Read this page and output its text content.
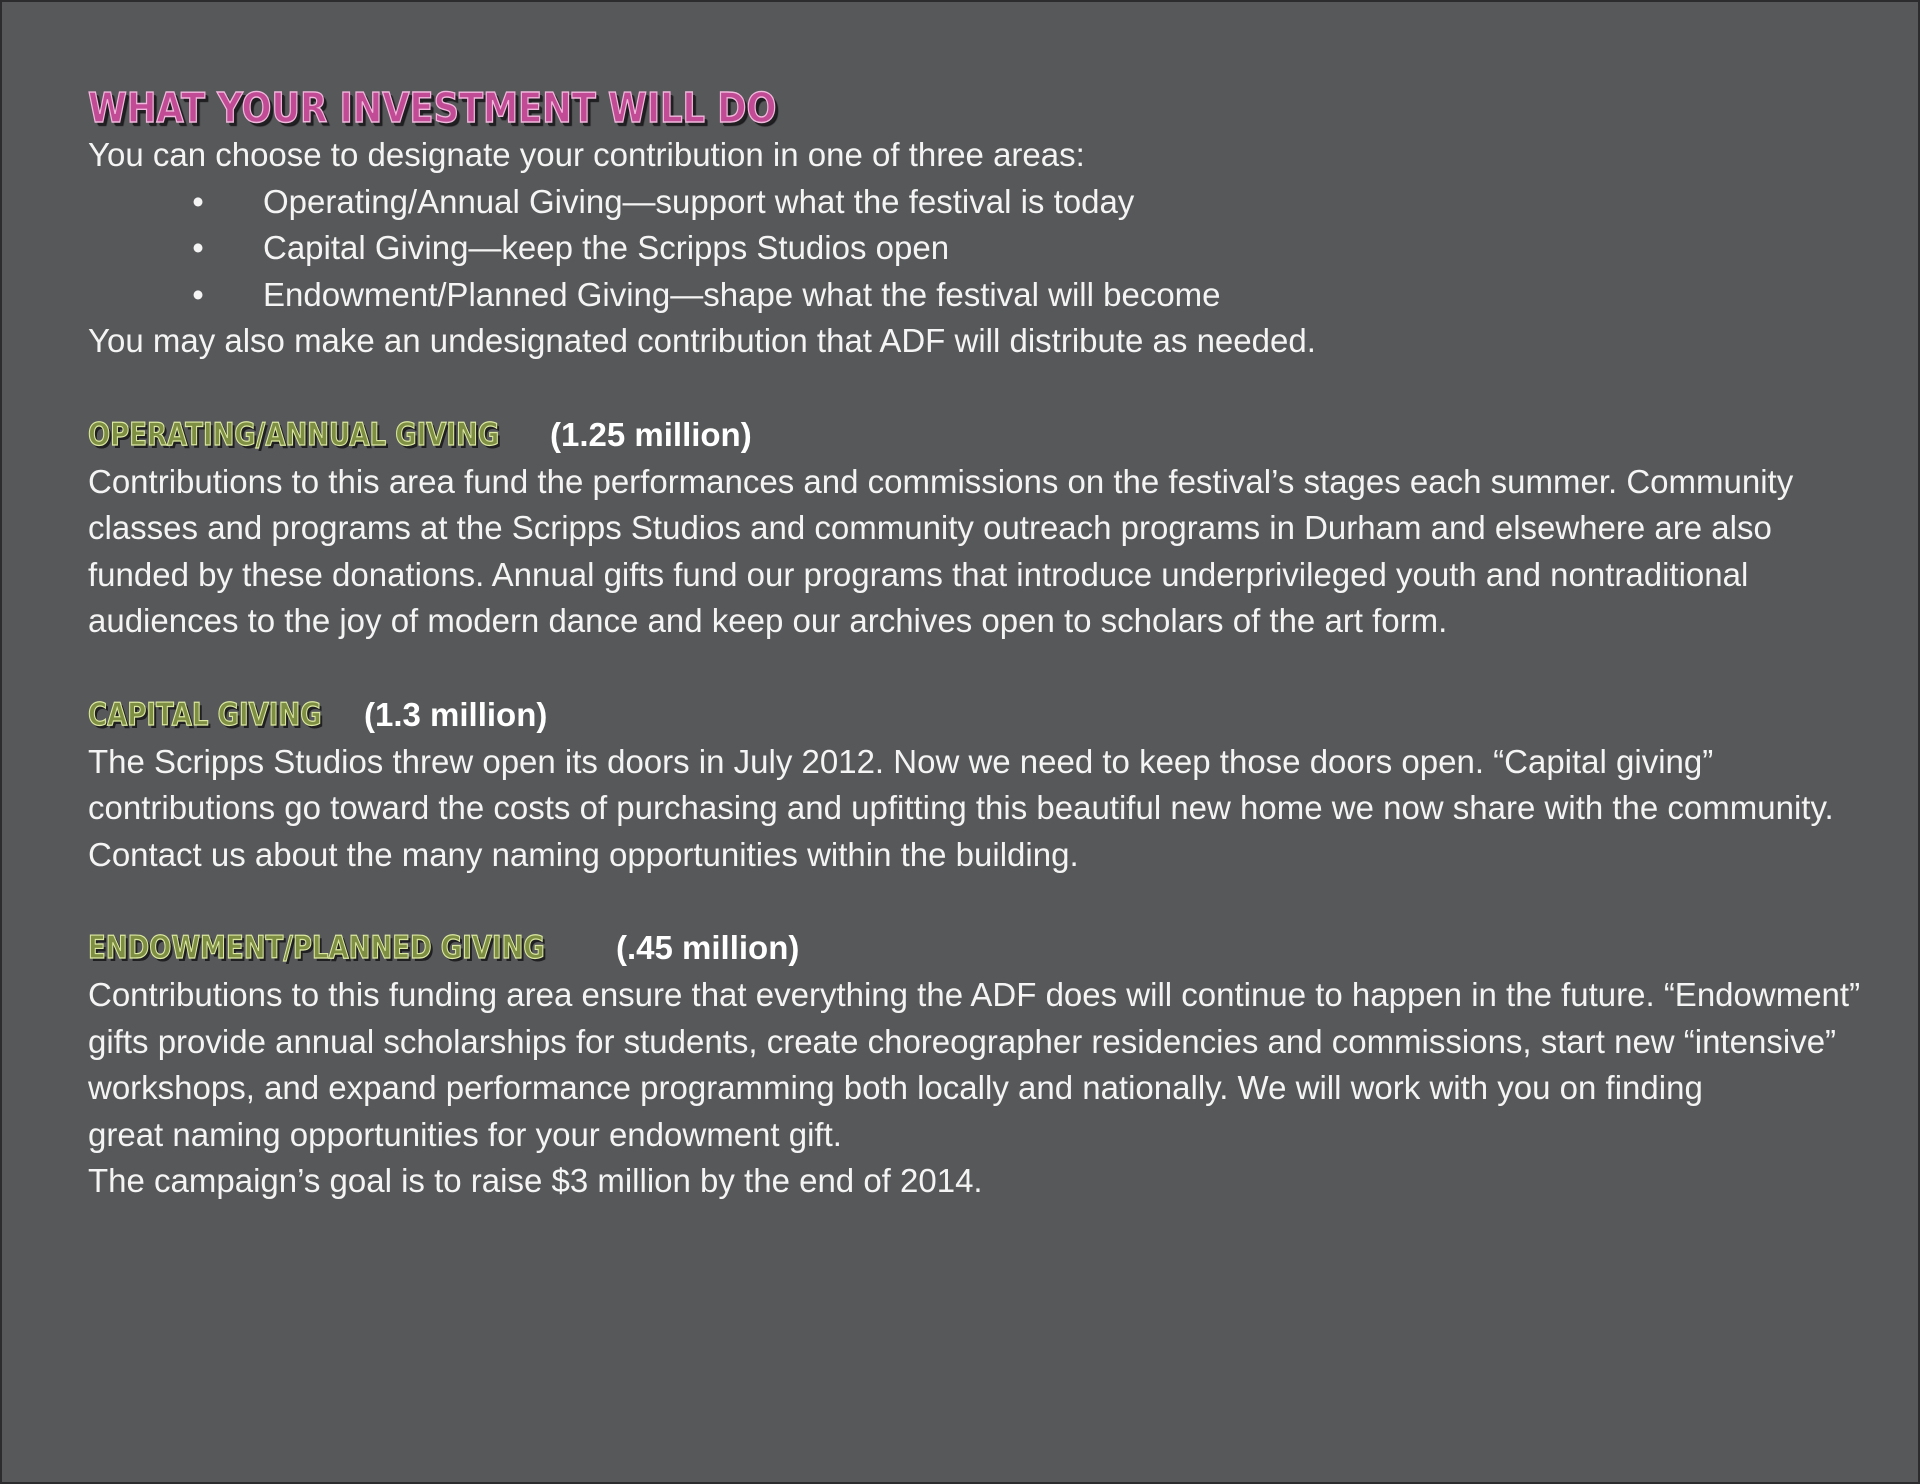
WHAT YOUR INVESTMENT WILL DO

You can choose to designate your contribution in one of three areas:

• Operating/Annual Giving—support what the festival is today
• Capital Giving—keep the Scripps Studios open
• Endowment/Planned Giving—shape what the festival will become

You may also make an undesignated contribution that ADF will distribute as needed.

OPERATING/ANNUAL GIVING	(1.25 million)
Contributions to this area fund the performances and commissions on the festival’s stages each summer. Community
classes and programs at the Scripps Studios and community outreach programs in Durham and elsewhere are also
funded by these donations. Annual gifts fund our programs that introduce underprivileged youth and nontraditional
audiences to the joy of modern dance and keep our archives open to scholars of the art form.
CAPITAL GIVING	(1.3 million)
The Scripps Studios threw open its doors in July 2012. Now we need to keep those doors open. “Capital giving”
contributions go toward the costs of purchasing and upfitting this beautiful new home we now share with the community.
Contact us about the many naming opportunities within the building.
ENDOWMENT/PLANNED GIVING	(.45 million)
Contributions to this funding area ensure that everything the ADF does will continue to happen in the future. “Endowment”
gifts provide annual scholarships for students, create choreographer residencies and commissions, start new “intensive”
workshops, and expand performance programming both locally and nationally. We will work with you on finding
great naming opportunities for your endowment gift.

The campaign’s goal is to raise $3 million by the end of 2014.
